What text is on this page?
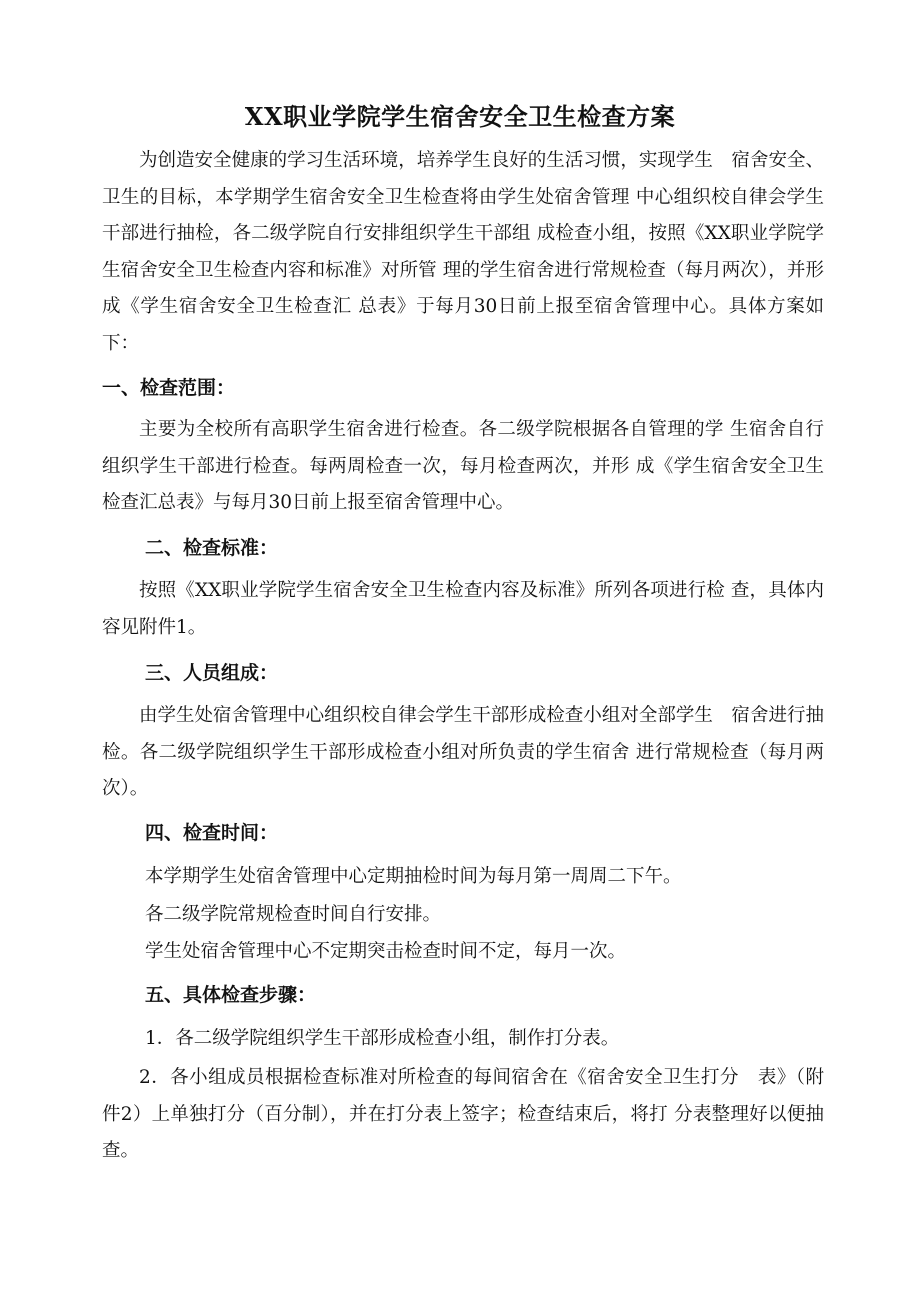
XX职业学院学生宿舍安全卫生检查方案

为创造安全健康的学习生活环境，培养学生良好的生活习惯，实现学生　宿舍安全、卫生的目标，本学期学生宿舍安全卫生检查将由学生处宿舍管理 中心组织校自律会学生干部进行抽检，各二级学院自行安排组织学生干部组 成检查小组，按照《XX职业学院学生宿舍安全卫生检查内容和标准》对所管 理的学生宿舍进行常规检查（每月两次），并形成《学生宿舍安全卫生检查汇 总表》于每月30日前上报至宿舍管理中心。具体方案如下：

一、检查范围：

主要为全校所有高职学生宿舍进行检查。各二级学院根据各自管理的学 生宿舍自行组织学生干部进行检查。每两周检查一次，每月检查两次，并形 成《学生宿舍安全卫生检查汇总表》与每月30日前上报至宿舍管理中心。

二、检查标准：

按照《XX职业学院学生宿舍安全卫生检查内容及标准》所列各项进行检 查，具体内容见附件1。

三、人员组成：

由学生处宿舍管理中心组织校自律会学生干部形成检查小组对全部学生　宿舍进行抽检。各二级学院组织学生干部形成检查小组对所负责的学生宿舍 进行常规检查（每月两次）。

四、检查时间：

本学期学生处宿舍管理中心定期抽检时间为每月第一周周二下午。

各二级学院常规检查时间自行安排。

学生处宿舍管理中心不定期突击检查时间不定，每月一次。

五、具体检查步骤：

1．各二级学院组织学生干部形成检查小组，制作打分表。

2．各小组成员根据检查标准对所检查的每间宿舍在《宿舍安全卫生打分　表》（附件2）上单独打分（百分制），并在打分表上签字；检查结束后，将打 分表整理好以便抽查。
